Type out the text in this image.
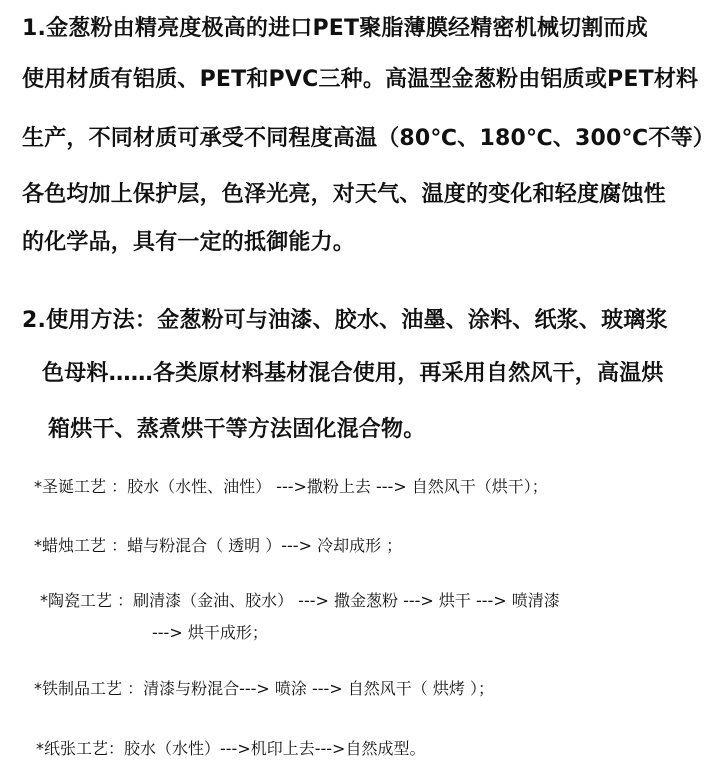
1.金葱粉由精亮度极高的进口PET聚脂薄膜经精密机械切割而成
使用材质有铝质、PET和PVC三种。高温型金葱粉由铝质或PET材料
生产，不同材质可承受不同程度高温（80℃、180℃、300℃不等）
各色均加上保护层，色泽光亮，对天气、温度的变化和轻度腐蚀性
的化学品，具有一定的抵御能力。
2.使用方法：金葱粉可与油漆、胶水、油墨、涂料、纸浆、玻璃浆
色母料……各类原材料基材混合使用，再采用自然风干，高温烘
箱烘干、蒸煮烘干等方法固化混合物。
*圣诞工艺 ：胶水（水性、油性） --->撒粉上去 ---> 自然风干（烘干）；
*蜡烛工艺 ：蜡与粉混合（ 透明 ）---> 冷却成形 ；
*陶瓷工艺 ：刷清漆（金油、胶水） ---> 撒金葱粉 ---> 烘干 ---> 喷清漆
---> 烘干成形；
*铁制品工艺 ：清漆与粉混合---> 喷涂 ---> 自然风干（ 烘烤 ）；
*纸张工艺：胶水（水性）--->机印上去--->自然成型。
